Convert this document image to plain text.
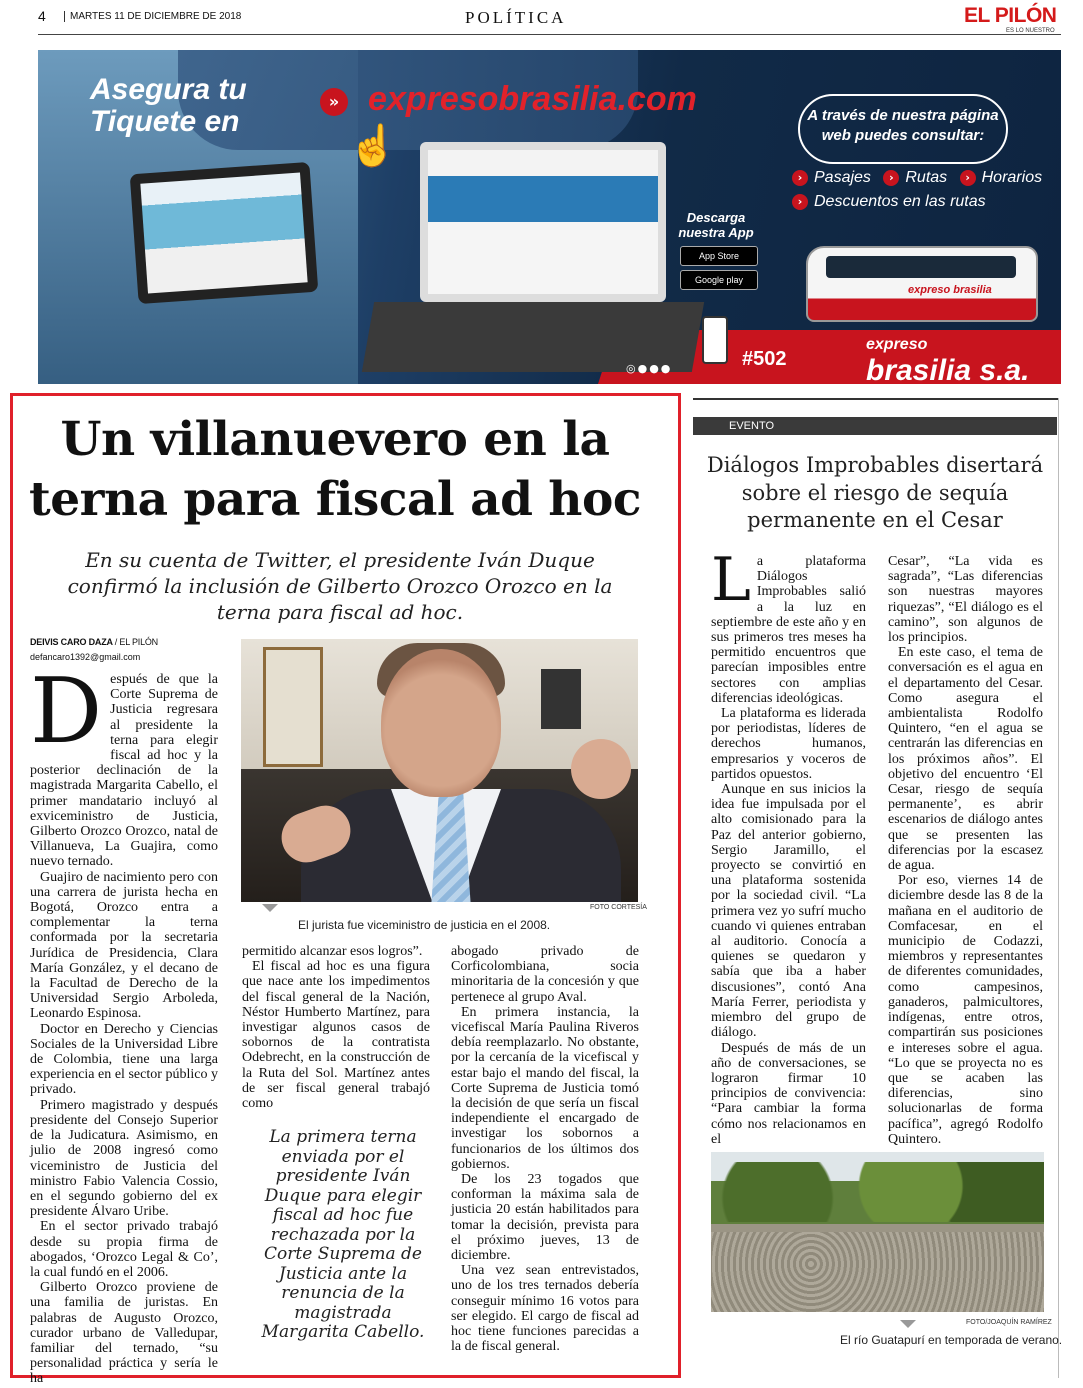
4	MARTES 11 DE DICIEMBRE DE 2018	POLÍTICA	EL PILÓN
ES LO NUESTRO
Asegura tu
Tiquete en
» expresobrasilia.com
☝
A través de nuestra página
web puedes consultar:
› Pasajes › Rutas › Horarios
› Descuentos en las rutas
Descarga
nuestra App
App Store
Google play
expreso brasilia
#502
◎●●●
expreso
brasilia s.a.
Un villanuevero en la terna para fiscal ad hoc
En su cuenta de Twitter, el presidente Iván Duque confirmó la inclusión de Gilberto Orozco Orozco en la terna para fiscal ad hoc.
DEIVIS CARO DAZA / EL PILÓN
defancaro1392@gmail.com
D espués de que la Corte Suprema de Justicia regresara al presidente la terna para elegir fiscal ad hoc y la posterior declinación de la magistrada Margarita Cabello, el primer mandatario incluyó al exviceministro de Justicia, Gilberto Orozco Orozco, natal de Villanueva, La Guajira, como nuevo ternado.

Guajiro de nacimiento pero con una carrera de jurista hecha en Bogotá, Orozco entra a complementar la terna conformada por la secretaria Jurídica de Presidencia, Clara María González, y el decano de la Facultad de Derecho de la Universidad Sergio Arboleda, Leonardo Espinosa.

Doctor en Derecho y Ciencias Sociales de la Universidad Libre de Colombia, tiene una larga experiencia en el sector público y privado.

Primero magistrado y después presidente del Consejo Superior de la Judicatura. Asimismo, en julio de 2008 ingresó como viceministro de Justicia del ministro Fabio Valencia Cossio, en el segundo gobierno del ex presidente Álvaro Uribe.

En el sector privado trabajó desde su propia firma de abogados, ‘Orozco Legal & Co’, la cual fundó en el 2006.

Gilberto Orozco proviene de una familia de juristas. En palabras de Augusto Orozco, curador urbano de Valledupar, familiar del ternado, “su personalidad práctica y sería le ha

FOTO CORTESÍA
El jurista fue viceministro de justicia en el 2008.

permitido alcanzar esos logros”.

El fiscal ad hoc es una figura que nace ante los impedimentos del fiscal general de la Nación, Néstor Humberto Martínez, para investigar algunos casos de sobornos de la contratista Odebrecht, en la construcción de la Ruta del Sol. Martínez antes de ser fiscal general trabajó como

La primera terna enviada por el presidente Iván Duque para elegir fiscal ad hoc fue rechazada por la Corte Suprema de Justicia ante la renuncia de la magistrada Margarita Cabello.

abogado privado de Corficolombiana, socia minoritaria de la concesión y que pertenece al grupo Aval.

En primera instancia, la vicefiscal María Paulina Riveros debía reemplazarlo. No obstante, por la cercanía de la vicefiscal y estar bajo el mando del fiscal, la Corte Suprema de Justicia tomó la decisión de que sería un fiscal independiente el encargado de investigar los sobornos a funcionarios de los últimos dos gobiernos.

De los 23 togados que conforman la máxima sala de justicia 20 están habilitados para tomar la decisión, prevista para el próximo jueves, 13 de diciembre.

Una vez sean entrevistados, uno de los tres ternados debería conseguir mínimo 16 votos para ser elegido. El cargo de fiscal ad hoc tiene funciones parecidas a la de fiscal general.

EVENTO
Diálogos Improbables disertará sobre el riesgo de sequía permanente en el Cesar
L a plataforma Diálogos Improbables salió a la luz en septiembre de este año y en sus primeros tres meses ha permitido encuentros que parecían imposibles entre sectores con amplias diferencias ideológicas.

La plataforma es liderada por periodistas, líderes de derechos humanos, empresarios y voceros de partidos opuestos.

Aunque en sus inicios la idea fue impulsada por el alto comisionado para la Paz del anterior gobierno, Sergio Jaramillo, el proyecto se convirtió en una plataforma sostenida por la sociedad civil. “La primera vez yo sufrí mucho cuando vi quienes entraban al auditorio. Conocía a quienes se quedaron y sabía que iba a haber discusiones”, contó Ana María Ferrer, periodista y miembro del grupo de diálogo.

Después de más de un año de conversaciones, se lograron firmar 10 principios de convivencia: “Para cambiar la forma cómo nos relacionamos en el

Cesar”, “La vida es sagrada”, “Las diferencias son nuestras mayores riquezas”, “El diálogo es el camino”, son algunos de los principios.

En este caso, el tema de conversación es el agua en el departamento del Cesar. Como asegura el ambientalista Rodolfo Quintero, “en el agua se centrarán las diferencias en los próximos años”. El objetivo del encuentro ‘El Cesar, riesgo de sequía permanente’, es abrir escenarios de diálogo antes que se presenten las diferencias por la escasez de agua.

Por eso, viernes 14 de diciembre desde las 8 de la mañana en el auditorio de Comfacesar, en el municipio de Codazzi, miembros y representantes de diferentes comunidades, como campesinos, ganaderos, palmicultores, indígenas, entre otros, compartirán sus posiciones e intereses sobre el agua. “Lo que se proyecta no es que se acaben las diferencias, sino solucionarlas de forma pacífica”, agregó Rodolfo Quintero.

FOTO/JOAQUÍN RAMÍREZ
El río Guatapurí en temporada de verano.
